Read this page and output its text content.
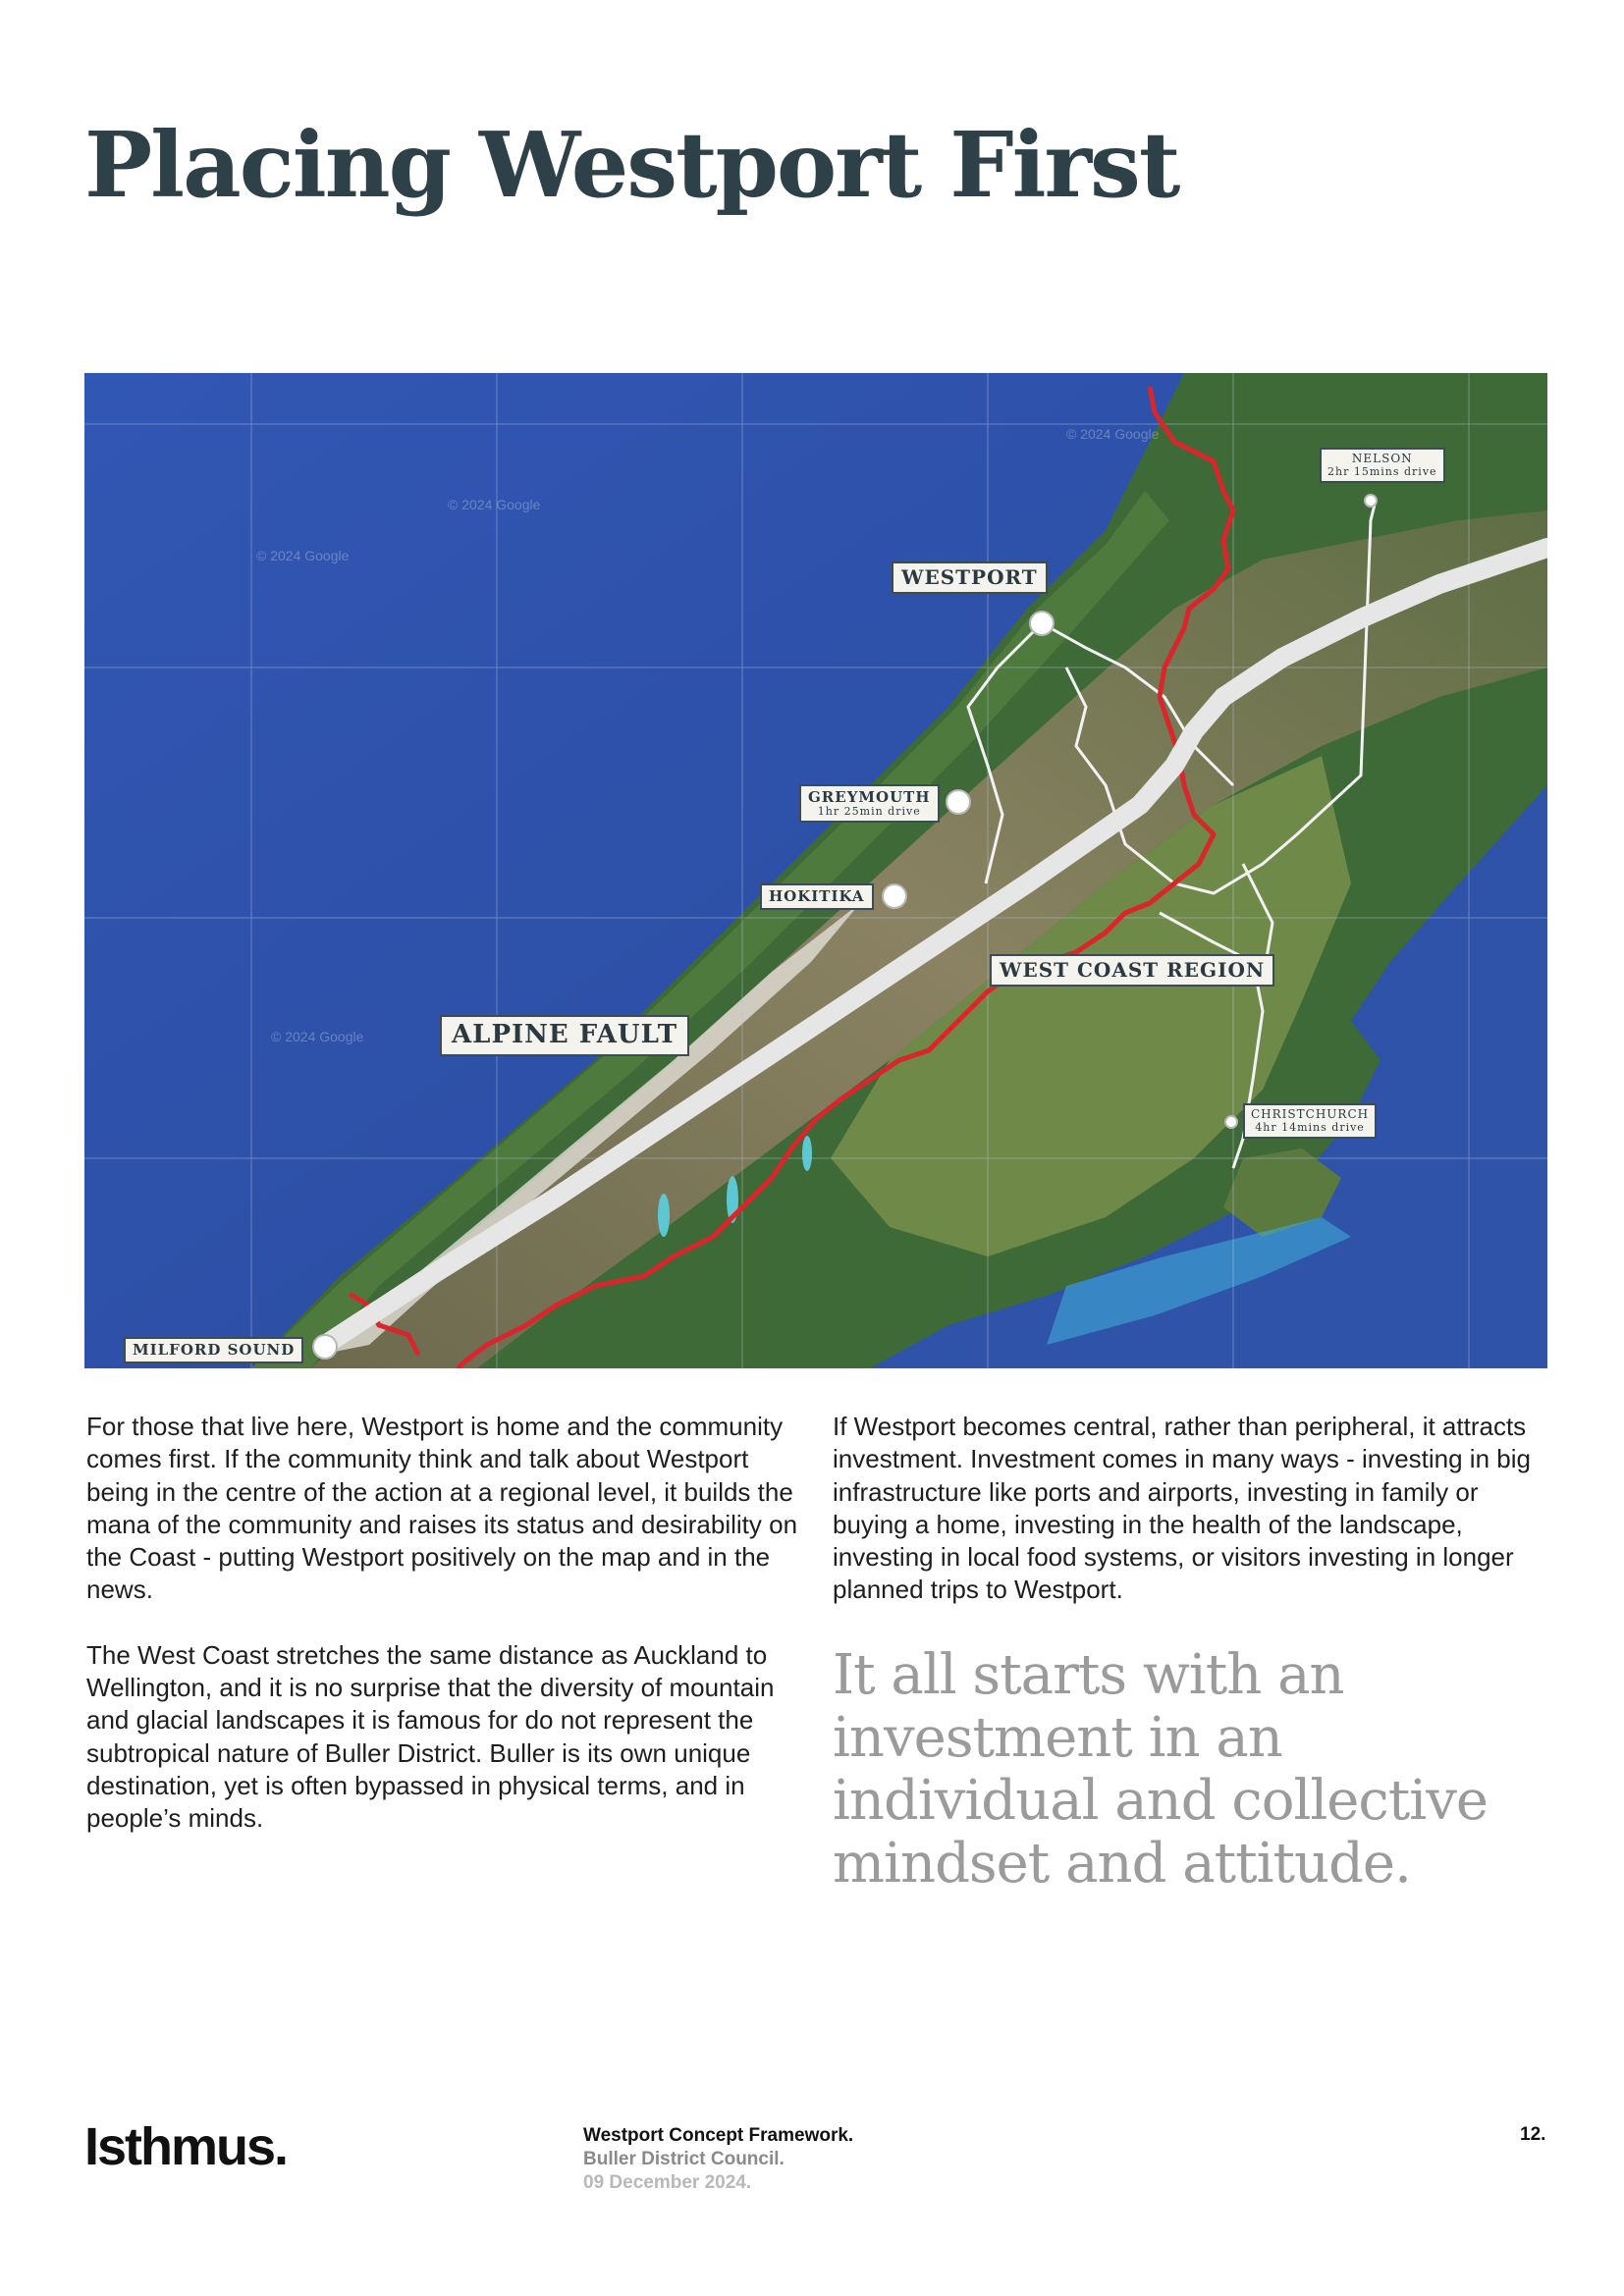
Placing Westport First
© 2024 Google
© 2024 Google
© 2024 Google
© 2024 Google
WESTPORT
GREYMOUTH
1hr 25min drive
HOKITIKA
NELSON
2hr 15mins drive
CHRISTCHURCH
4hr 14mins drive
WEST COAST REGION
ALPINE FAULT
MILFORD SOUND

For those that live here, Westport is home and the community comes first. If the community think and talk about Westport being in the centre of the action at a regional level, it builds the mana of the community and raises its status and desirability on the Coast - putting Westport positively on the map and in the news.

The West Coast stretches the same distance as Auckland to Wellington, and it is no surprise that the diversity of mountain and glacial landscapes it is famous for do not represent the subtropical nature of Buller District. Buller is its own unique destination, yet is often bypassed in physical terms, and in people’s minds.

If Westport becomes central, rather than peripheral, it attracts investment. Investment comes in many ways - investing in big infrastructure like ports and airports, investing in family or buying a home, investing in the health of the landscape, investing in local food systems, or visitors investing in longer planned trips to Westport.

It all starts with an investment in an individual and collective mindset and attitude.
Isthmus.	Westport Concept Framework.
Buller District Council.
09 December 2024.
12.
